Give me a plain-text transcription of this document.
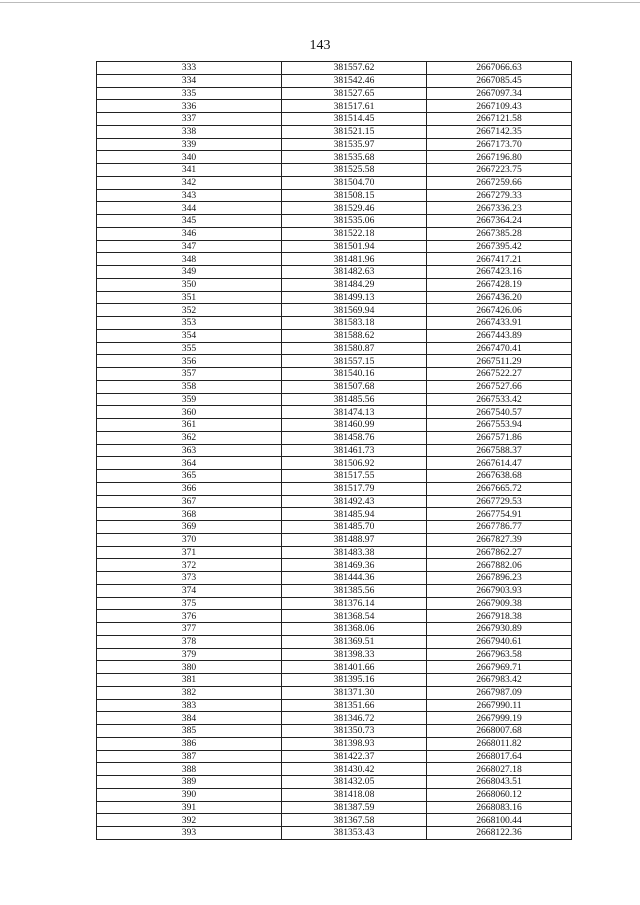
143
333	381557.62	2667066.63
334	381542.46	2667085.45
335	381527.65	2667097.34
336	381517.61	2667109.43
337	381514.45	2667121.58
338	381521.15	2667142.35
339	381535.97	2667173.70
340	381535.68	2667196.80
341	381525.58	2667223.75
342	381504.70	2667259.66
343	381508.15	2667279.33
344	381529.46	2667336.23
345	381535.06	2667364.24
346	381522.18	2667385.28
347	381501.94	2667395.42
348	381481.96	2667417.21
349	381482.63	2667423.16
350	381484.29	2667428.19
351	381499.13	2667436.20
352	381569.94	2667426.06
353	381583.18	2667433.91
354	381588.62	2667443.89
355	381580.87	2667470.41
356	381557.15	2667511.29
357	381540.16	2667522.27
358	381507.68	2667527.66
359	381485.56	2667533.42
360	381474.13	2667540.57
361	381460.99	2667553.94
362	381458.76	2667571.86
363	381461.73	2667588.37
364	381506.92	2667614.47
365	381517.55	2667638.68
366	381517.79	2667665.72
367	381492.43	2667729.53
368	381485.94	2667754.91
369	381485.70	2667786.77
370	381488.97	2667827.39
371	381483.38	2667862.27
372	381469.36	2667882.06
373	381444.36	2667896.23
374	381385.56	2667903.93
375	381376.14	2667909.38
376	381368.54	2667918.38
377	381368.06	2667930.89
378	381369.51	2667940.61
379	381398.33	2667963.58
380	381401.66	2667969.71
381	381395.16	2667983.42
382	381371.30	2667987.09
383	381351.66	2667990.11
384	381346.72	2667999.19
385	381350.73	2668007.68
386	381398.93	2668011.82
387	381422.37	2668017.64
388	381430.42	2668027.18
389	381432.05	2668043.51
390	381418.08	2668060.12
391	381387.59	2668083.16
392	381367.58	2668100.44
393	381353.43	2668122.36
